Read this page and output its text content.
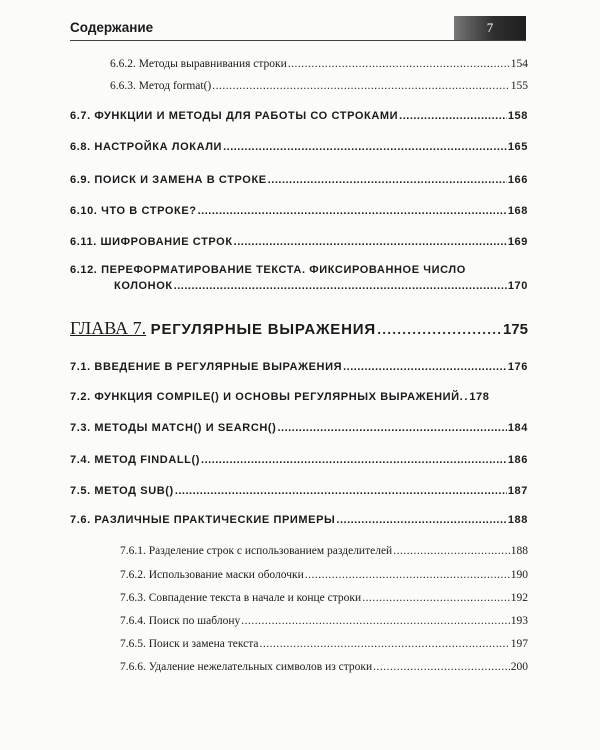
Содержание	7
6.6.2. Методы выравнивания строки .....	154
6.6.3. Метод format() .....	155
6.7. ФУНКЦИИ И МЕТОДЫ ДЛЯ РАБОТЫ СО СТРОКАМИ .....	158
6.8. НАСТРОЙКА ЛОКАЛИ .....	165
6.9. ПОИСК И ЗАМЕНА В СТРОКЕ .....	166
6.10. ЧТО В СТРОКЕ? .....	168
6.11. ШИФРОВАНИЕ СТРОК .....	169
6.12. ПЕРЕФОРМАТИРОВАНИЕ ТЕКСТА. ФИКСИРОВАННОЕ ЧИСЛО
КОЛОНОК .....	170
ГЛАВА 7. РЕГУЛЯРНЫЕ ВЫРАЖЕНИЯ .....	175
7.1. ВВЕДЕНИЕ В РЕГУЛЯРНЫЕ ВЫРАЖЕНИЯ .....	176
7.2. ФУНКЦИЯ COMPILE() И ОСНОВЫ РЕГУЛЯРНЫХ ВЫРАЖЕНИЙ. ..... 178
7.3. МЕТОДЫ MATCH() И SEARCH() .....	184
7.4. МЕТОД FINDALL() .....	186
7.5. МЕТОД SUB() .....	187
7.6. РАЗЛИЧНЫЕ ПРАКТИЧЕСКИЕ ПРИМЕРЫ .....	188
7.6.1. Разделение строк с использованием разделителей .....	188
7.6.2. Использование маски оболочки .....	190
7.6.3. Совпадение текста в начале и конце строки .....	192
7.6.4. Поиск по шаблону .....	193
7.6.5. Поиск и замена текста .....	197
7.6.6. Удаление нежелательных символов из строки .....	200
